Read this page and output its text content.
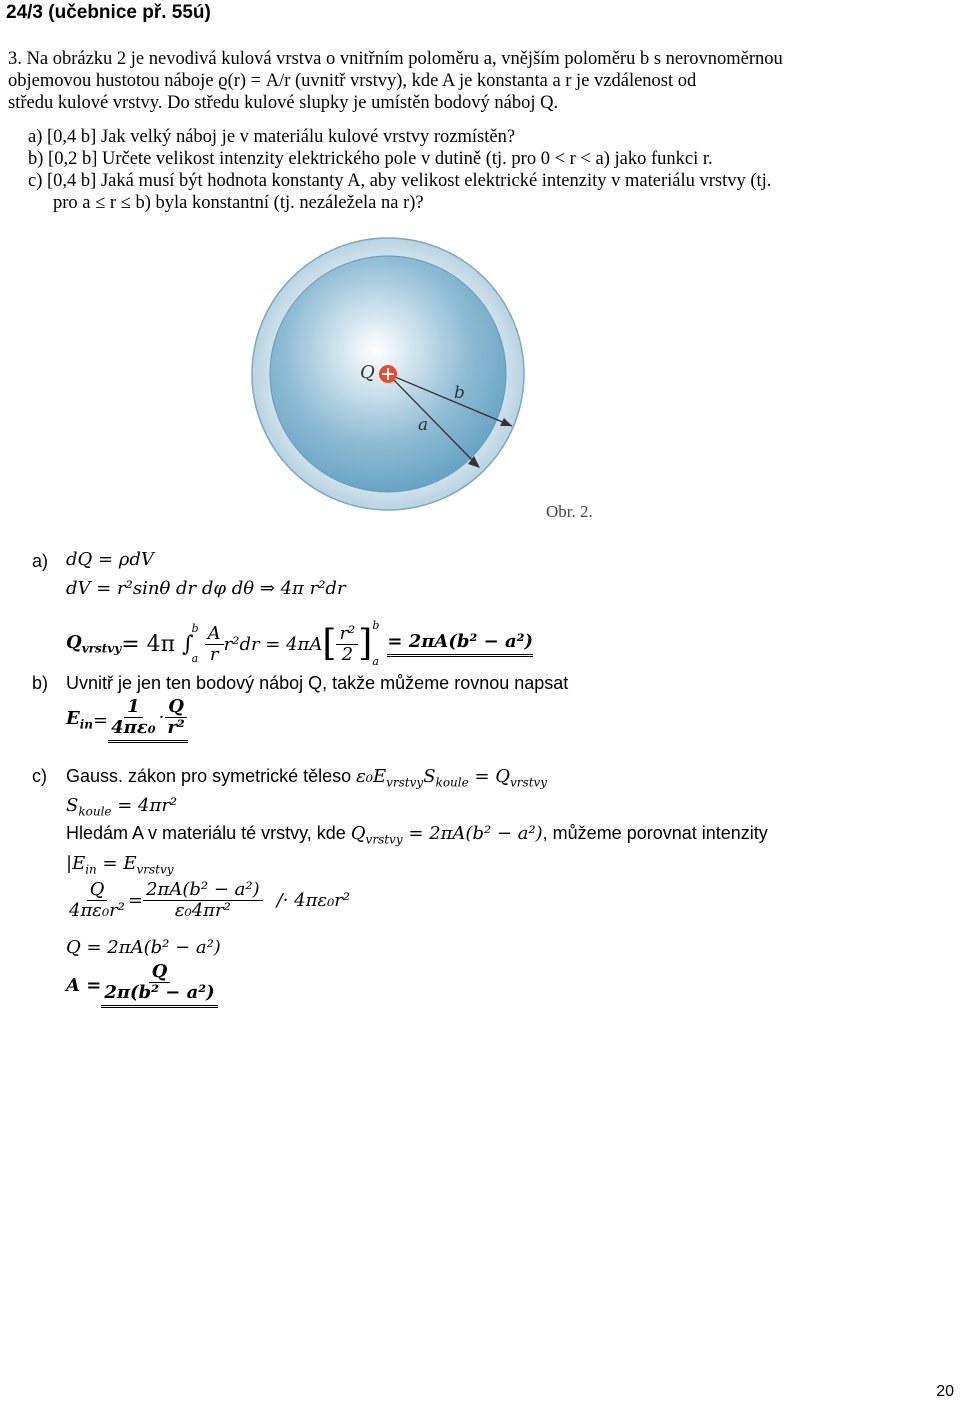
24/3 (učebnice př. 55ú)
3. Na obrázku 2 je nevodivá kulová vrstva o vnitřním poloměru a, vnějším poloměru b s nerovnoměrnou
objemovou hustotou náboje ϱ(r) = A/r (uvnitř vrstvy), kde A je konstanta a r je vzdálenost od
středu kulové vrstvy. Do středu kulové slupky je umístěn bodový náboj Q.
a) [0,4 b] Jak velký náboj je v materiálu kulové vrstvy rozmístěn?
b) [0,2 b] Určete velikost intenzity elektrického pole v dutině (tj. pro 0 < r < a) jako funkci r.
c) [0,4 b] Jaká musí být hodnota konstanty A, aby velikost elektrické intenzity v materiálu vrstvy (tj.
pro a ≤ r ≤ b) byla konstantní (tj. nezáležela na r)?
Q
b
a
Obr. 2.
a) dQ = ρdV
dV = r²sinθ dr dφ dθ ⇒ 4π r²dr
$Q_{vrstvy} = 4\pi$ ∫
b
a $\frac{A}{r} r^2dr = 4\pi A$ [ $\frac{\text{r²}}{2}$ ] b
a
= 2πA(b² − a²)
b) Uvnitř je jen ten bodový náboj Q, takže můžeme rovnou napsat
$E_{in} = \frac{1}{\text{4πε₀}} \cdot \frac{Q}{\text{r²}}$
c) Gauss. zákon pro symetrické těleso $\varepsilon_0E_{vrstvy}S_{koule} = Q_{vrstvy}$
$S_{koule} = 4\pi r^2$
Hledám A v materiálu té vrstvy, kde $Q_{vrstvy} = 2\pi A(b^2 - a^2)$, můžeme porovnat intenzity
$|E_{in} = E_{vrstvy}$
$\frac{Q}{\text{4πε₀r²}} = \frac{\text{2πA(b² − a²)}}{\text{ε₀4πr²}} /\cdot 4\pi\varepsilon_0r^2$
Q = 2πA(b² − a²)
$A = \frac{Q}{\text{2π(b² − a²)}}$
20
